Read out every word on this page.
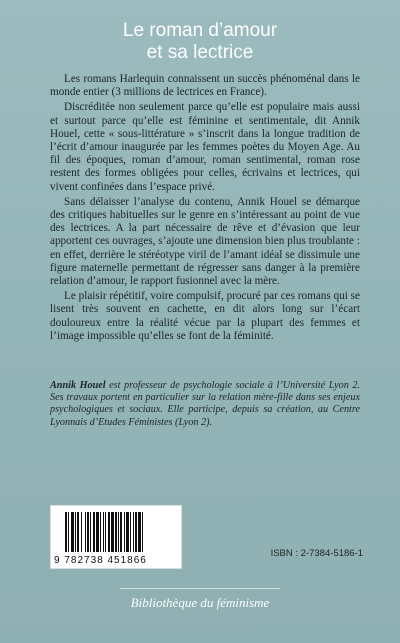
Le roman d’amour
et sa lectrice

Les romans Harlequin connaissent un succès phénoménal dans le monde entier (3 millions de lectrices en France).

Discréditée non seulement parce qu’elle est populaire mais aussi et surtout parce qu’elle est féminine et sentimentale, dit Annik Houel, cette « sous-littérature » s’inscrit dans la longue tradition de l’écrit d’amour inaugurée par les femmes poètes du Moyen Age. Au fil des époques, roman d’amour, roman sentimental, roman rose restent des formes obligées pour celles, écrivains et lectrices, qui vivent confinées dans l’espace privé.

Sans délaisser l’analyse du contenu, Annik Houel se démarque des critiques habituelles sur le genre en s’intéressant au point de vue des lectrices. A la part nécessaire de rêve et d’évasion que leur apportent ces ouvrages, s’ajoute une dimension bien plus troublante : en effet, derrière le stéréotype viril de l’amant idéal se dissimule une figure maternelle permettant de régresser sans danger à la première relation d’amour, le rapport fusionnel avec la mère.

Le plaisir répétitif, voire compulsif, procuré par ces romans qui se lisent très souvent en cachette, en dit alors long sur l’écart douloureux entre la réalité vécue par la plupart des femmes et l’image impossible qu’elles se font de la féminité.

Annik Houel est professeur de psychologie sociale à l’Université Lyon 2. Ses travaux portent en particulier sur la relation mère-fille dans ses enjeux psychologiques et sociaux. Elle participe, depuis sa création, au Centre Lyonnais d’Etudes Féministes (Lyon 2).
9 782738 451866
ISBN : 2-7384-5186-1
Bibliothèque du féminisme
